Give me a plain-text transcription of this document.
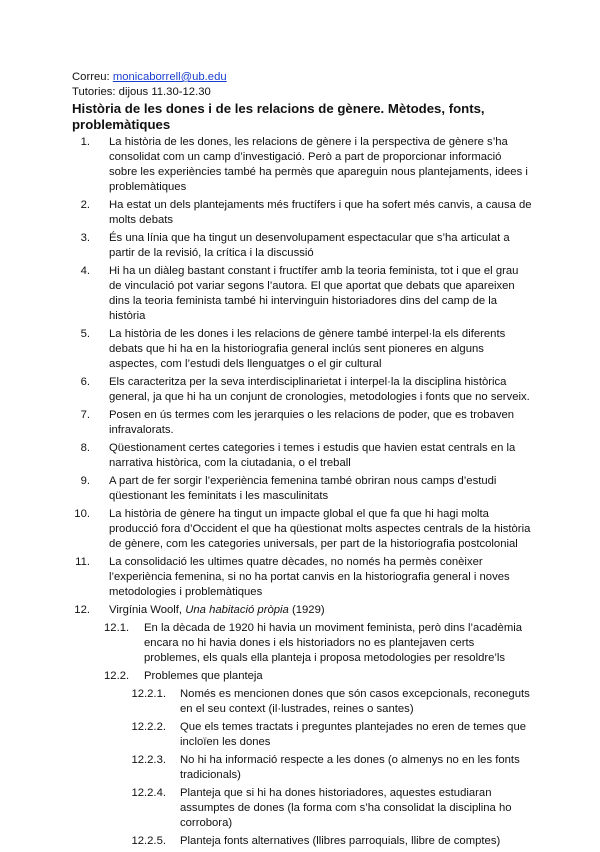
Correu: monicaborrell@ub.edu
Tutories: dijous 11.30-12.30
Història de les dones i de les relacions de gènere. Mètodes, fonts, problemàtiques
1. La història de les dones, les relacions de gènere i la perspectiva de gènere s’ha consolidat com un camp d’investigació. Però a part de proporcionar informació sobre les experiències també ha permès que apareguin nous plantejaments, idees i problemàtiques
2. Ha estat un dels plantejaments més fructífers i que ha sofert més canvis, a causa de molts debats
3. És una línia que ha tingut un desenvolupament espectacular que s’ha articulat a partir de la revisió, la crítica i la discussió
4. Hi ha un diàleg bastant constant i fructífer amb la teoria feminista, tot i que el grau de vinculació pot variar segons l’autora. El que aportat que debats que apareixen dins la teoria feminista també hi intervinguin historiadores dins del camp de la història
5. La història de les dones i les relacions de gènere també interpel·la els diferents debats que hi ha en la historiografia general inclús sent pioneres en alguns aspectes, com l’estudi dels llenguatges o el gir cultural
6. Els caracteritza per la seva interdisciplinarietat i interpel·la la disciplina històrica general, ja que hi ha un conjunt de cronologies, metodologies i fonts que no serveix.
7. Posen en ús termes com les jerarquies o les relacions de poder, que es trobaven infravalorats.
8. Qüestionament certes categories i temes i estudis que havien estat centrals en la narrativa històrica, com la ciutadania, o el treball
9. A part de fer sorgir l’experiència femenina també obriran nous camps d’estudi qüestionant les feminitats i les masculinitats
10. La història de gènere ha tingut un impacte global el que fa que hi hagi molta producció fora d’Occident el que ha qüestionat molts aspectes centrals de la història de gènere, com les categories universals, per part de la historiografia postcolonial
11. La consolidació les ultimes quatre dècades, no només ha permès conèixer l’experiència femenina, si no ha portat canvis en la historiografia general i noves metodologies i problemàtiques
12. Virgínia Woolf, Una habitació pròpia (1929)
12.1. En la dècada de 1920 hi havia un moviment feminista, però dins l’acadèmia encara no hi havia dones i els historiadors no es plantejaven certs problemes, els quals ella planteja i proposa metodologies per resoldre’ls
12.2. Problemes que planteja
12.2.1. Només es mencionen dones que són casos excepcionals, reconeguts en el seu context (il·lustrades, reines o santes)
12.2.2. Que els temes tractats i preguntes plantejades no eren de temes que incloïen les dones
12.2.3. No hi ha informació respecte a les dones (o almenys no en les fonts tradicionals)
12.2.4. Planteja que si hi ha dones historiadores, aquestes estudiaran assumptes de dones (la forma com s’ha consolidat la disciplina ho corrobora)
12.2.5. Planteja fonts alternatives (llibres parroquials, llibre de comptes)
